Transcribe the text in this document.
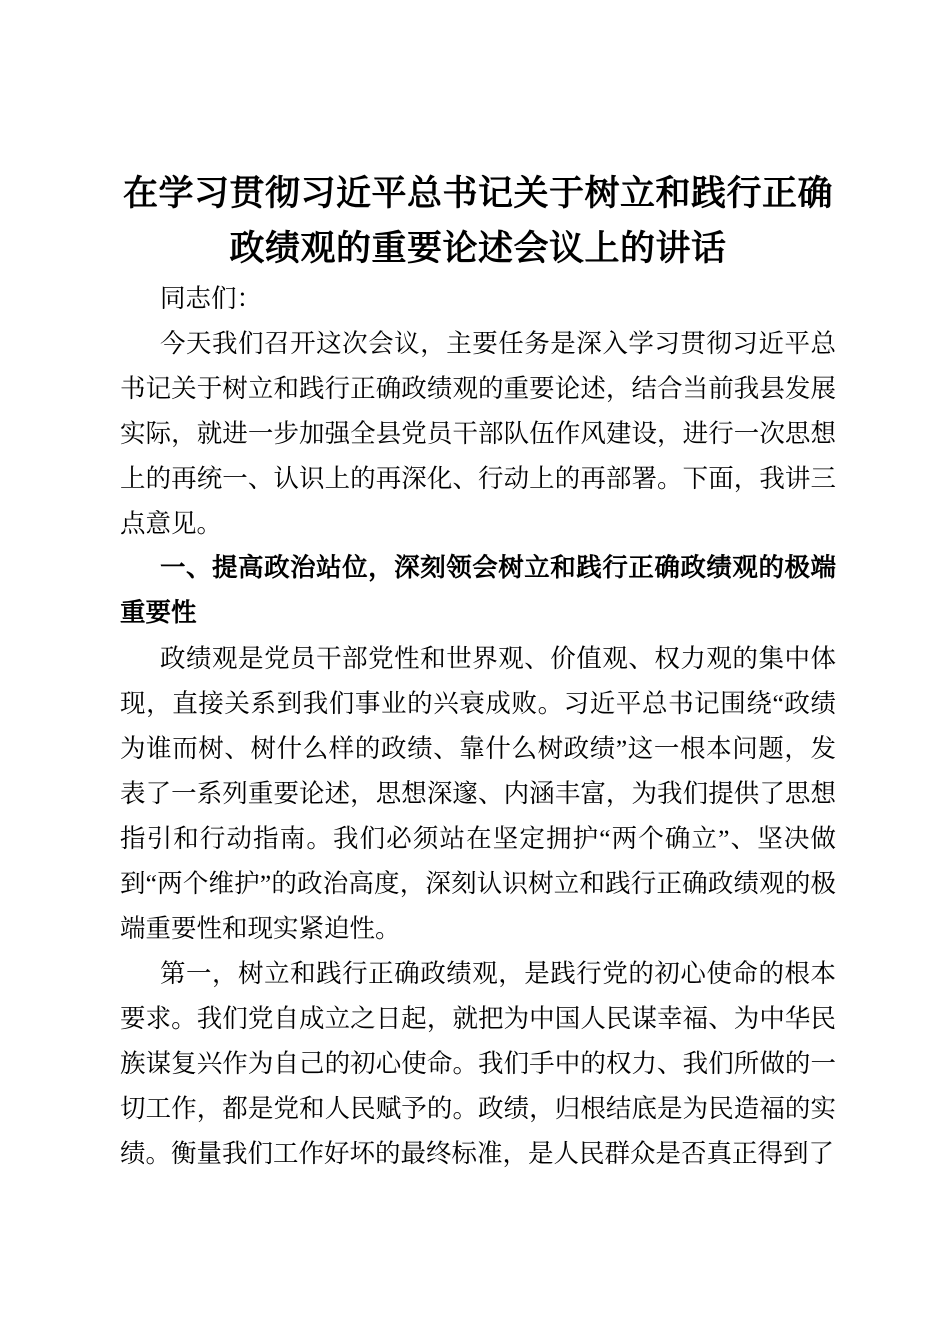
在学习贯彻习近平总书记关于树立和践行正确
政绩观的重要论述会议上的讲话

同志们：

今天我们召开这次会议，主要任务是深入学习贯彻习近平总书记关于树立和践行正确政绩观的重要论述，结合当前我县发展实际，就进一步加强全县党员干部队伍作风建设，进行一次思想上的再统一、认识上的再深化、行动上的再部署。下面，我讲三点意见。

一、提高政治站位，深刻领会树立和践行正确政绩观的极端重要性

政绩观是党员干部党性和世界观、价值观、权力观的集中体现，直接关系到我们事业的兴衰成败。习近平总书记围绕“政绩为谁而树、树什么样的政绩、靠什么树政绩”这一根本问题，发表了一系列重要论述，思想深邃、内涵丰富，为我们提供了思想指引和行动指南。我们必须站在坚定拥护“两个确立”、坚决做到“两个维护”的政治高度，深刻认识树立和践行正确政绩观的极端重要性和现实紧迫性。

第一，树立和践行正确政绩观，是践行党的初心使命的根本要求。我们党自成立之日起，就把为中国人民谋幸福、为中华民族谋复兴作为自己的初心使命。我们手中的权力、我们所做的一切工作，都是党和人民赋予的。政绩，归根结底是为民造福的实绩。衡量我们工作好坏的最终标准，是人民群众是否真正得到了
